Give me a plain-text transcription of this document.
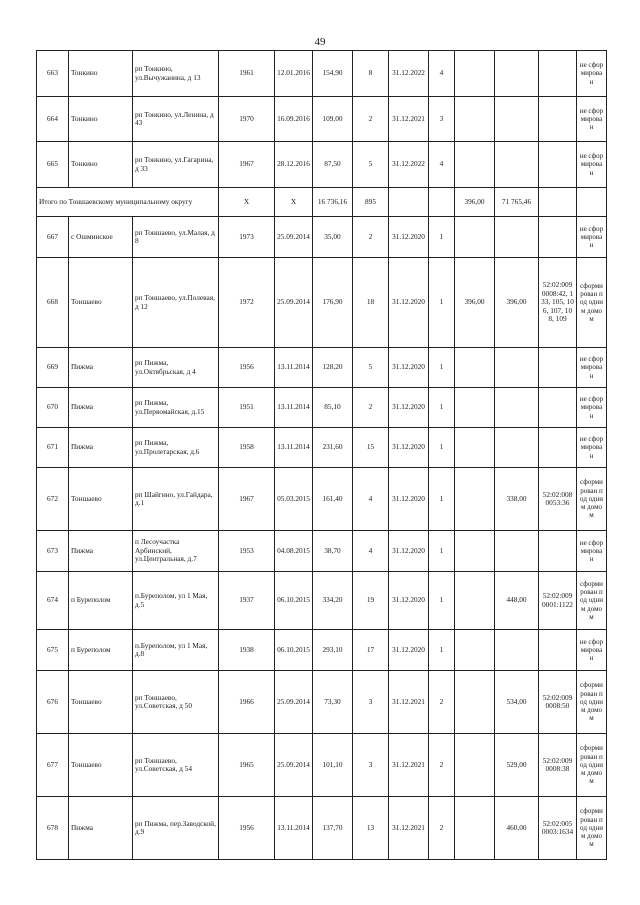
49
663	Тонкино	рп Тонкино, ул.Вычужанина, д 13	1961	12.01.2016	154,90	8	31.12.2022	4				не сформирован
664	Тонкино	рп Тонкино, ул.Ленина, д 43	1970	16.09.2016	109,00	2	31.12.2021	3				не сформирован
665	Тонкино	рп Тонкино, ул.Гагарина, д 33	1967	28.12.2016	87,50	5	31.12.2022	4				не сформирован
Итого по Тоншаевскому муниципальному округу			Х	Х	16 736,16	895			396,00	71 765,46		
667	с Ошминское	рп Тоншаево, ул.Малая, д 8	1973	25.09.2014	35,00	2	31.12.2020	1				не сформирован
668	Тоншаево	рп Тоншаево, ул.Полевая, д 12	1972	25.09.2014	176,90	18	31.12.2020	1	396,00	396,00	52:02:0090008:42, 133, 105, 106, 107, 108, 109	сформирован под одним домом
669	Пижма	рп Пижма, ул.Октябрьская, д 4	1956	13.11.2014	128,20	5	31.12.2020	1				не сформирован
670	Пижма	рп Пижма, ул.Первомайская, д.15	1951	13.11.2014	85,10	2	31.12.2020	1				не сформирован
671	Пижма	рп Пижма, ул.Пролетарская, д.6	1958	13.11.2014	231,60	15	31.12.2020	1				не сформирован
672	Тоншаево	рп Шайгино, ул.Гайдара, д.1	1967	05.03.2015	161,40	4	31.12.2020	1		338,00	52:02:0080053:36	сформирован под одним домом
673	Пижма	п Лесоучастка Арбинский, ул.Центральная, д.7	1953	04.08.2015	38,70	4	31.12.2020	1				не сформирован
674	п Буреполом	п.Буреполом, ул 1 Мая, д.5	1937	06.10.2015	334,20	19	31.12.2020	1		448,00	52:02:0090001:1122	сформирован под одним домом
675	п Буреполом	п.Буреполом, ул 1 Мая, д.8	1938	06.10.2015	293,10	17	31.12.2020	1				не сформирован
676	Тоншаево	рп Тоншаево, ул.Советская, д 50	1966	25.09.2014	73,30	3	31.12.2021	2		534,00	52:02:0090008:50	сформирован под одним домом
677	Тоншаево	рп Тоншаево, ул.Советская, д 54	1965	25.09.2014	101,10	3	31.12.2021	2		529,00	52:02:0090008:38	сформирован под одним домом
678	Пижма	рп Пижма, пер.Заводской, д.9	1956	13.11.2014	137,70	13	31.12.2021	2		460,00	52:02:0050003:1634	сформирован под одним домом
